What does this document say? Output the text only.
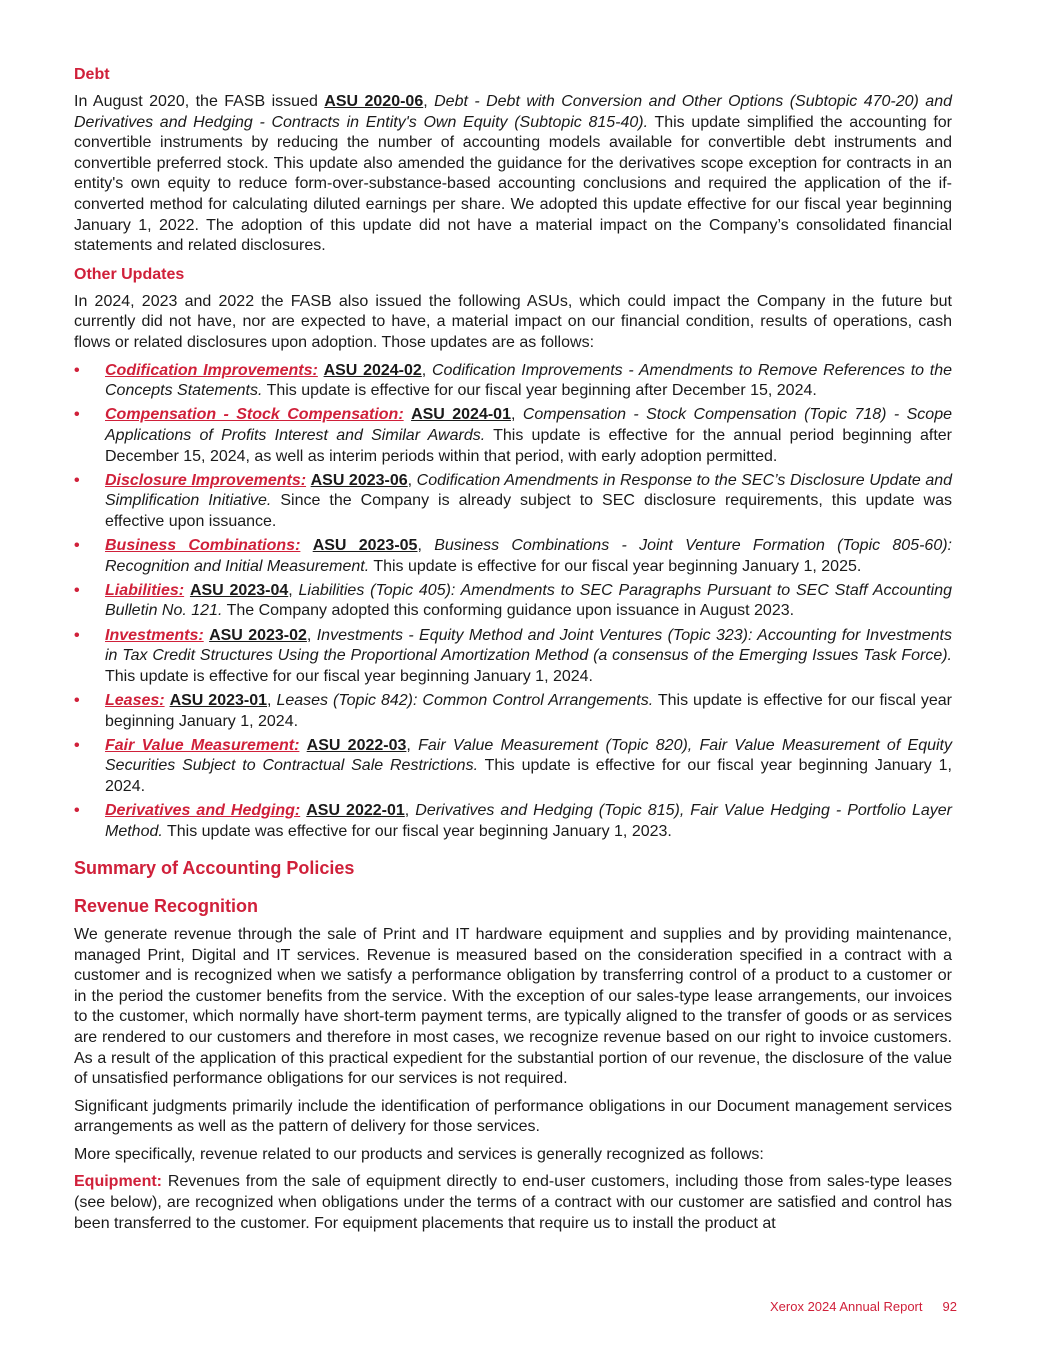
Debt

In August 2020, the FASB issued ASU 2020-06, Debt - Debt with Conversion and Other Options (Subtopic 470-20) and Derivatives and Hedging - Contracts in Entity's Own Equity (Subtopic 815-40). This update simplified the accounting for convertible instruments by reducing the number of accounting models available for convertible debt instruments and convertible preferred stock. This update also amended the guidance for the derivatives scope exception for contracts in an entity's own equity to reduce form-over-substance-based accounting conclusions and required the application of the if-converted method for calculating diluted earnings per share. We adopted this update effective for our fiscal year beginning January 1, 2022. The adoption of this update did not have a material impact on the Company’s consolidated financial statements and related disclosures.

Other Updates

In 2024, 2023 and 2022 the FASB also issued the following ASUs, which could impact the Company in the future but currently did not have, nor are expected to have, a material impact on our financial condition, results of operations, cash flows or related disclosures upon adoption. Those updates are as follows:

• Codification Improvements: ASU 2024-02, Codification Improvements - Amendments to Remove References to the Concepts Statements. This update is effective for our fiscal year beginning after December 15, 2024.
• Compensation - Stock Compensation: ASU 2024-01, Compensation - Stock Compensation (Topic 718) - Scope Applications of Profits Interest and Similar Awards. This update is effective for the annual period beginning after December 15, 2024, as well as interim periods within that period, with early adoption permitted.
• Disclosure Improvements: ASU 2023-06, Codification Amendments in Response to the SEC’s Disclosure Update and Simplification Initiative. Since the Company is already subject to SEC disclosure requirements, this update was effective upon issuance.
• Business Combinations: ASU 2023-05, Business Combinations - Joint Venture Formation (Topic 805-60): Recognition and Initial Measurement. This update is effective for our fiscal year beginning January 1, 2025.
• Liabilities: ASU 2023-04, Liabilities (Topic 405): Amendments to SEC Paragraphs Pursuant to SEC Staff Accounting Bulletin No. 121. The Company adopted this conforming guidance upon issuance in August 2023.
• Investments: ASU 2023-02, Investments - Equity Method and Joint Ventures (Topic 323): Accounting for Investments in Tax Credit Structures Using the Proportional Amortization Method (a consensus of the Emerging Issues Task Force). This update is effective for our fiscal year beginning January 1, 2024.
• Leases: ASU 2023-01, Leases (Topic 842): Common Control Arrangements. This update is effective for our fiscal year beginning January 1, 2024.
• Fair Value Measurement: ASU 2022-03, Fair Value Measurement (Topic 820), Fair Value Measurement of Equity Securities Subject to Contractual Sale Restrictions. This update is effective for our fiscal year beginning January 1, 2024.
• Derivatives and Hedging: ASU 2022-01, Derivatives and Hedging (Topic 815), Fair Value Hedging - Portfolio Layer Method. This update was effective for our fiscal year beginning January 1, 2023.
Summary of Accounting Policies
Revenue Recognition

We generate revenue through the sale of Print and IT hardware equipment and supplies and by providing maintenance, managed Print, Digital and IT services. Revenue is measured based on the consideration specified in a contract with a customer and is recognized when we satisfy a performance obligation by transferring control of a product to a customer or in the period the customer benefits from the service. With the exception of our sales-type lease arrangements, our invoices to the customer, which normally have short-term payment terms, are typically aligned to the transfer of goods or as services are rendered to our customers and therefore in most cases, we recognize revenue based on our right to invoice customers. As a result of the application of this practical expedient for the substantial portion of our revenue, the disclosure of the value of unsatisfied performance obligations for our services is not required.

Significant judgments primarily include the identification of performance obligations in our Document management services arrangements as well as the pattern of delivery for those services.

More specifically, revenue related to our products and services is generally recognized as follows:

Equipment: Revenues from the sale of equipment directly to end-user customers, including those from sales-type leases (see below), are recognized when obligations under the terms of a contract with our customer are satisfied and control has been transferred to the customer. For equipment placements that require us to install the product at

Xerox 2024 Annual Report 92
